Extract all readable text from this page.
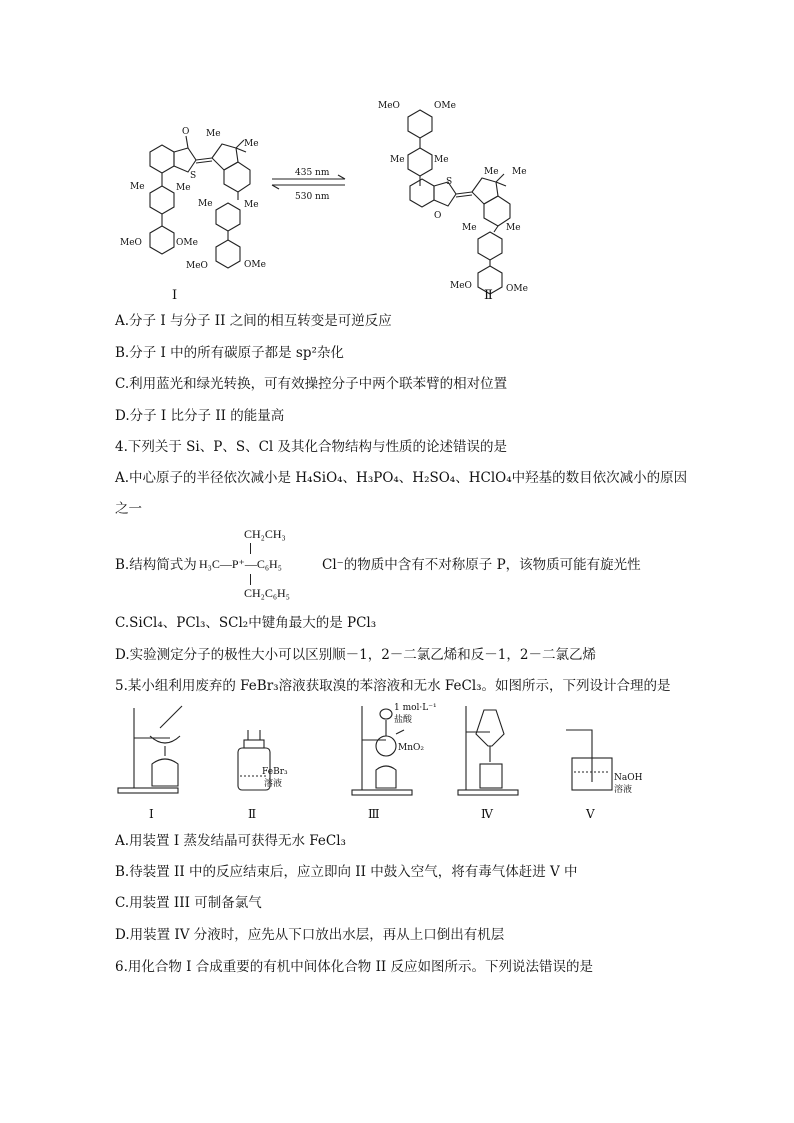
435 nm
530 nm
O
S
Me
Me
Me	Me
Me	Me
MeO	OMe
MeO	OMe
MeO	OMe
Me	Me
S
O
Me Me
Me	Me
MeO	OMe
Ⅰ	Ⅱ
A.分子 I 与分子 II 之间的相互转变是可逆反应
B.分子 I 中的所有碳原子都是 sp²杂化
C.利用蓝光和绿光转换，可有效操控分子中两个联苯臂的相对位置
D.分子 I 比分子 II 的能量高
4.下列关于 Si、P、S、Cl 及其化合物结构与性质的论述错误的是
A.中心原子的半径依次减小是 H₄SiO₄、H₃PO₄、H₂SO₄、HClO₄中羟基的数目依次减小的原因
之一
CH₂CH₃
B.结构简式为 H₃C—P⁺—C₆H₅	Cl⁻的物质中含有不对称原子 P，该物质可能有旋光性
CH₂C₆H₅
C.SiCl₄、PCl₃、SCl₂中键角最大的是 PCl₃
D.实验测定分子的极性大小可以区别顺－1，2－二氯乙烯和反－1，2－二氯乙烯
5.某小组利用废弃的 FeBr₃溶液获取溴的苯溶液和无水 FeCl₃。如图所示，下列设计合理的是
FeBr₃
溶液
1 mol·L⁻¹
盐酸
MnO₂
NaOH
溶液
Ⅰ	Ⅱ	Ⅲ	Ⅳ	Ⅴ
A.用装置 I 蒸发结晶可获得无水 FeCl₃
B.待装置 II 中的反应结束后，应立即向 II 中鼓入空气，将有毒气体赶进 V 中
C.用装置 III 可制备氯气
D.用装置 IV 分液时，应先从下口放出水层，再从上口倒出有机层
6.用化合物 I 合成重要的有机中间体化合物 II 反应如图所示。下列说法错误的是
